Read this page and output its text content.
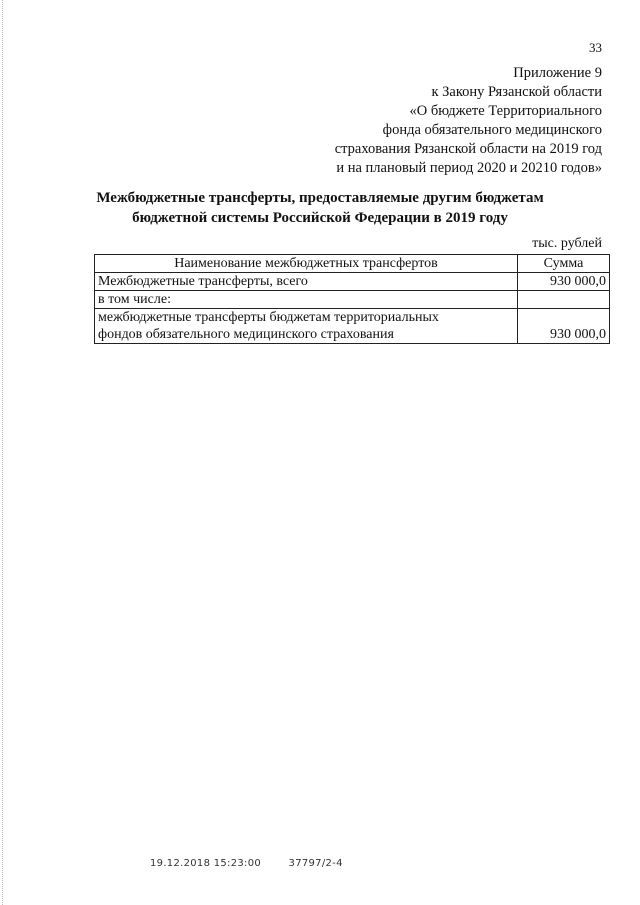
33
Приложение 9
к Закону Рязанской области
«О бюджете Территориального
фонда обязательного медицинского
страхования Рязанской области на 2019 год
и на плановый период 2020 и 20210 годов»
Межбюджетные трансферты, предоставляемые другим бюджетам
бюджетной системы Российской Федерации в 2019 году
тыс. рублей
Наименование межбюджетных трансфертов	Сумма
Межбюджетные трансферты, всего	930 000,0
в том числе:	

межбюджетные трансферты бюджетам территориальных
фондов обязательного медицинского страхования	930 000,0
19.12.2018 15:23:00	37797/2-4
